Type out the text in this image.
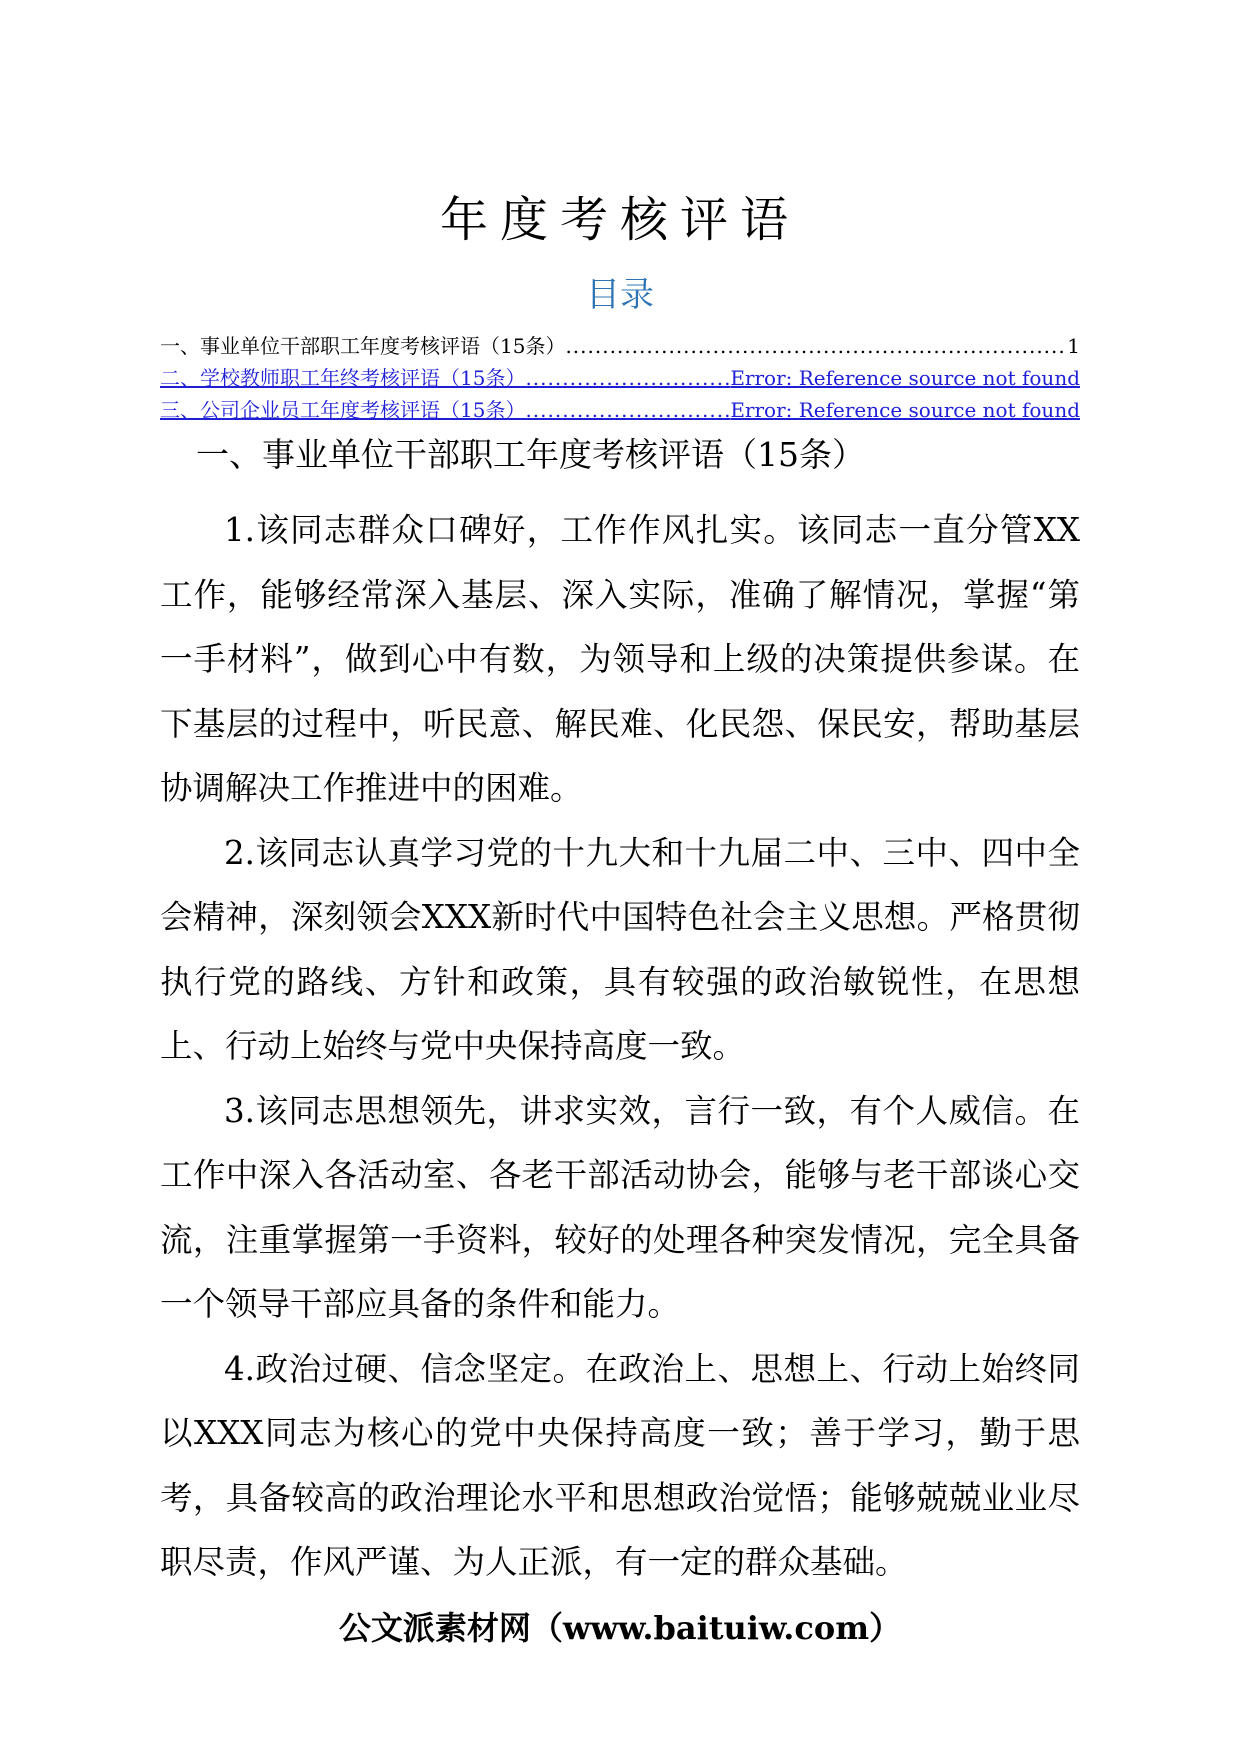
年度考核评语
目录
一、事业单位干部职工年度考核评语（15条） .....	1
二、学校教师职工年终考核评语（15条） .....	Error: Reference source not found
三、公司企业员工年度考核评语（15条） .....	Error: Reference source not found
一、事业单位干部职工年度考核评语（15条）

1.该同志群众口碑好，工作作风扎实。该同志一直分管XX工作，能够经常深入基层、深入实际，准确了解情况，掌握“第一手材料”，做到心中有数，为领导和上级的决策提供参谋。在下基层的过程中，听民意、解民难、化民怨、保民安，帮助基层协调解决工作推进中的困难。

2.该同志认真学习党的十九大和十九届二中、三中、四中全会精神，深刻领会XXX新时代中国特色社会主义思想。严格贯彻执行党的路线、方针和政策，具有较强的政治敏锐性，在思想上、行动上始终与党中央保持高度一致。

3.该同志思想领先，讲求实效，言行一致，有个人威信。在工作中深入各活动室、各老干部活动协会，能够与老干部谈心交流，注重掌握第一手资料，较好的处理各种突发情况，完全具备一个领导干部应具备的条件和能力。

4.政治过硬、信念坚定。在政治上、思想上、行动上始终同以XXX同志为核心的党中央保持高度一致；善于学习，勤于思考，具备较高的政治理论水平和思想政治觉悟；能够兢兢业业尽职尽责，作风严谨、为人正派，有一定的群众基础。

公文派素材网（www.baituiw.com）
